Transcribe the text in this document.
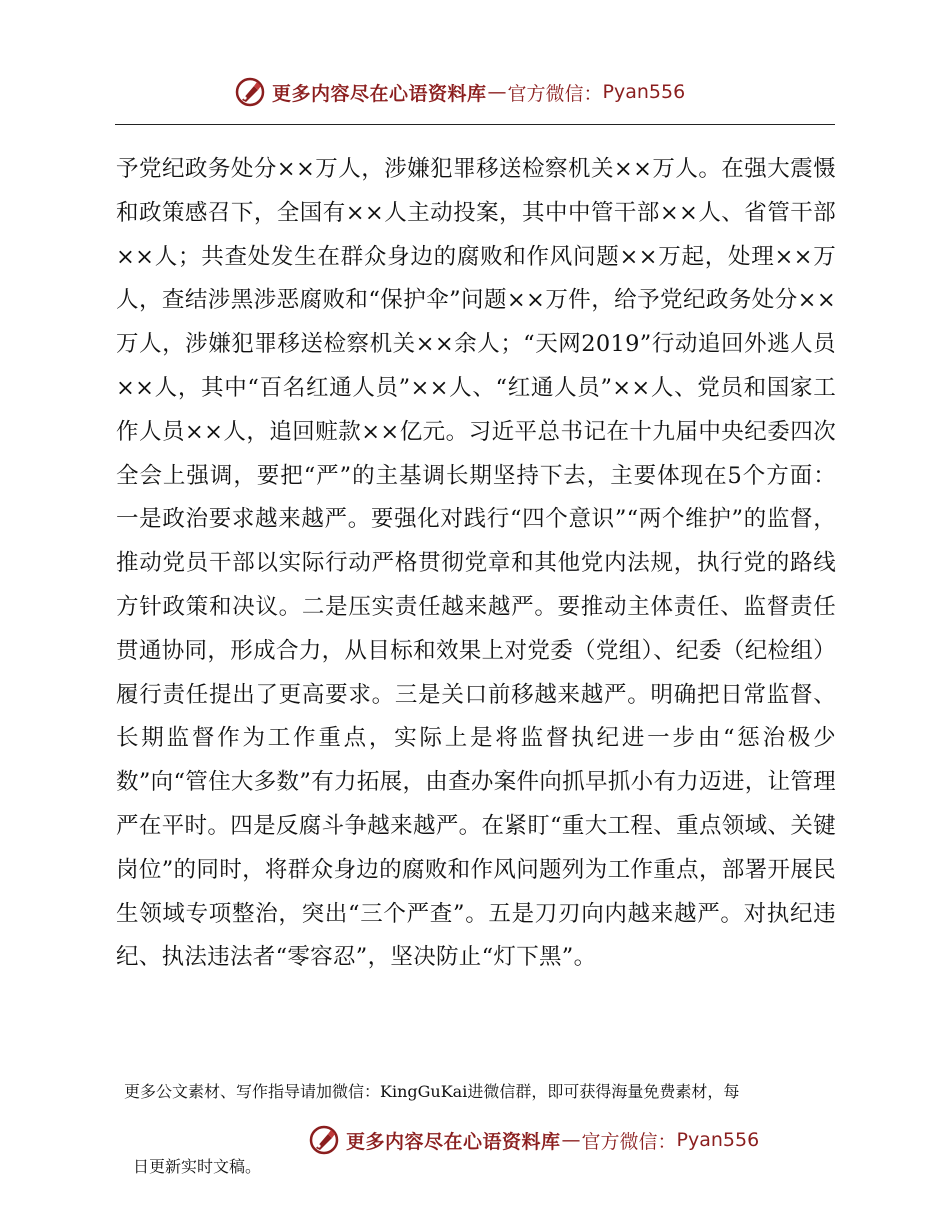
更多内容尽在心语资料库 — 官方微信： Pyan556

予党纪政务处分××万人，涉嫌犯罪移送检察机关××万人。在强大震慑和政策感召下，全国有××人主动投案，其中中管干部××人、省管干部××人；共查处发生在群众身边的腐败和作风问题××万起，处理××万人，查结涉黑涉恶腐败和“保护伞”问题××万件，给予党纪政务处分××万人，涉嫌犯罪移送检察机关××余人；“天网2019”行动追回外逃人员××人，其中“百名红通人员”××人、“红通人员”××人、党员和国家工作人员××人，追回赃款××亿元。习近平总书记在十九届中央纪委四次全会上强调，要把“严”的主基调长期坚持下去，主要体现在5个方面：一是政治要求越来越严。要强化对践行“四个意识”“两个维护”的监督，推动党员干部以实际行动严格贯彻党章和其他党内法规，执行党的路线方针政策和决议。二是压实责任越来越严。要推动主体责任、监督责任贯通协同，形成合力，从目标和效果上对党委（党组）、纪委（纪检组）履行责任提出了更高要求。三是关口前移越来越严。明确把日常监督、长期监督作为工作重点，实际上是将监督执纪进一步由“惩治极少数”向“管住大多数”有力拓展，由查办案件向抓早抓小有力迈进，让管理严在平时。四是反腐斗争越来越严。在紧盯“重大工程、重点领域、关键岗位”的同时，将群众身边的腐败和作风问题列为工作重点，部署开展民生领域专项整治，突出“三个严查”。五是刀刃向内越来越严。对执纪违纪、执法违法者“零容忍”，坚决防止“灯下黑”。

更多公文素材、写作指导请加微信：KingGuKai进微信群，即可获得海量免费素材，每
更多内容尽在心语资料库 — 官方微信： Pyan556
日更新实时文稿。
